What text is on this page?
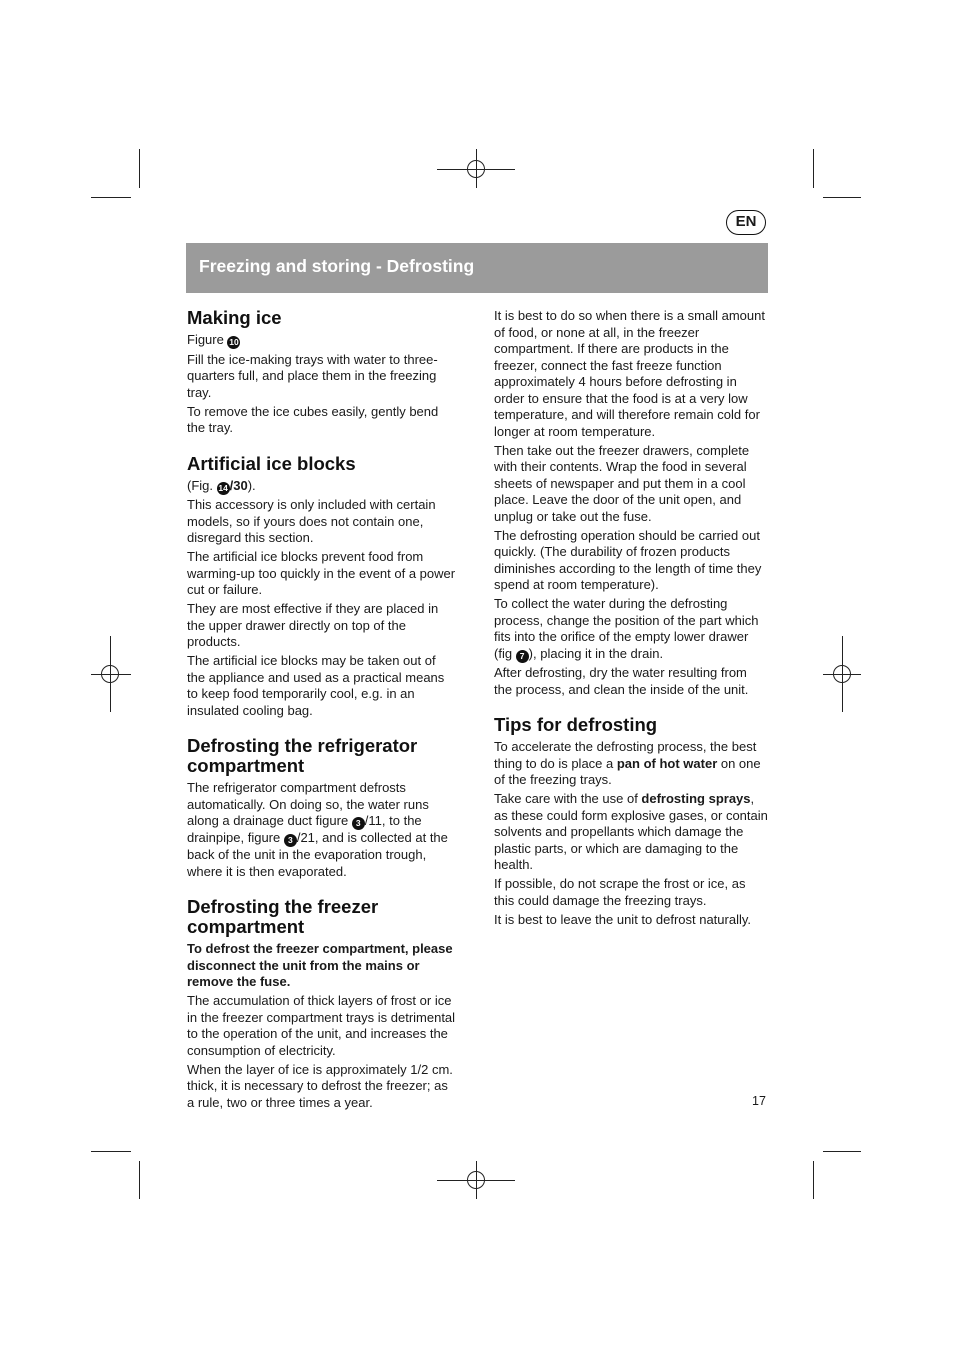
EN
Freezing and storing - Defrosting
Making ice

Figure 10

Fill the ice-making trays with water to three-quarters full, and place them in the freezing tray.

To remove the ice cubes easily, gently bend the tray.

Artificial ice blocks

(Fig. 14 /30).

This accessory is only included with certain models, so if yours does not contain one, disregard this section.

The artificial ice blocks prevent food from warming-up too quickly in the event of a power cut or failure.

They are most effective if they are placed in the upper drawer directly on top of the products.

The artificial ice blocks may be taken out of the appliance and used as a practical means to keep food temporarily cool, e.g. in an insulated cooling bag.

Defrosting the refrigerator compartment

The refrigerator compartment defrosts automatically. On doing so, the water runs along a drainage duct figure 3 /11, to the drainpipe, figure 3 /21, and is collected at the back of the unit in the evaporation trough, where it is then evaporated.

Defrosting the freezer compartment

To defrost the freezer compartment, please disconnect the unit from the mains or remove the fuse.

The accumulation of thick layers of frost or ice in the freezer compartment trays is detrimental to the operation of the unit, and increases the consumption of electricity.

When the layer of ice is approximately 1/2 cm. thick, it is necessary to defrost the freezer; as a rule, two or three times a year.

It is best to do so when there is a small amount of food, or none at all, in the freezer compartment. If there are products in the freezer, connect the fast freeze function approximately 4 hours before defrosting in order to ensure that the food is at a very low temperature, and will therefore remain cold for longer at room temperature.

Then take out the freezer drawers, complete with their contents. Wrap the food in several sheets of newspaper and put them in a cool place. Leave the door of the unit open, and unplug or take out the fuse.

The defrosting operation should be carried out quickly. (The durability of frozen products diminishes according to the length of time they spend at room temperature).

To collect the water during the defrosting process, change the position of the part which fits into the orifice of the empty lower drawer (fig 7 ), placing it in the drain.

After defrosting, dry the water resulting from the process, and clean the inside of the unit.

Tips for defrosting

To accelerate the defrosting process, the best thing to do is place a pan of hot water on one of the freezing trays.

Take care with the use of defrosting sprays, as these could form explosive gases, or contain solvents and propellants which damage the plastic parts, or which are damaging to the health.

If possible, do not scrape the frost or ice, as this could damage the freezing trays.

It is best to leave the unit to defrost naturally.

17
